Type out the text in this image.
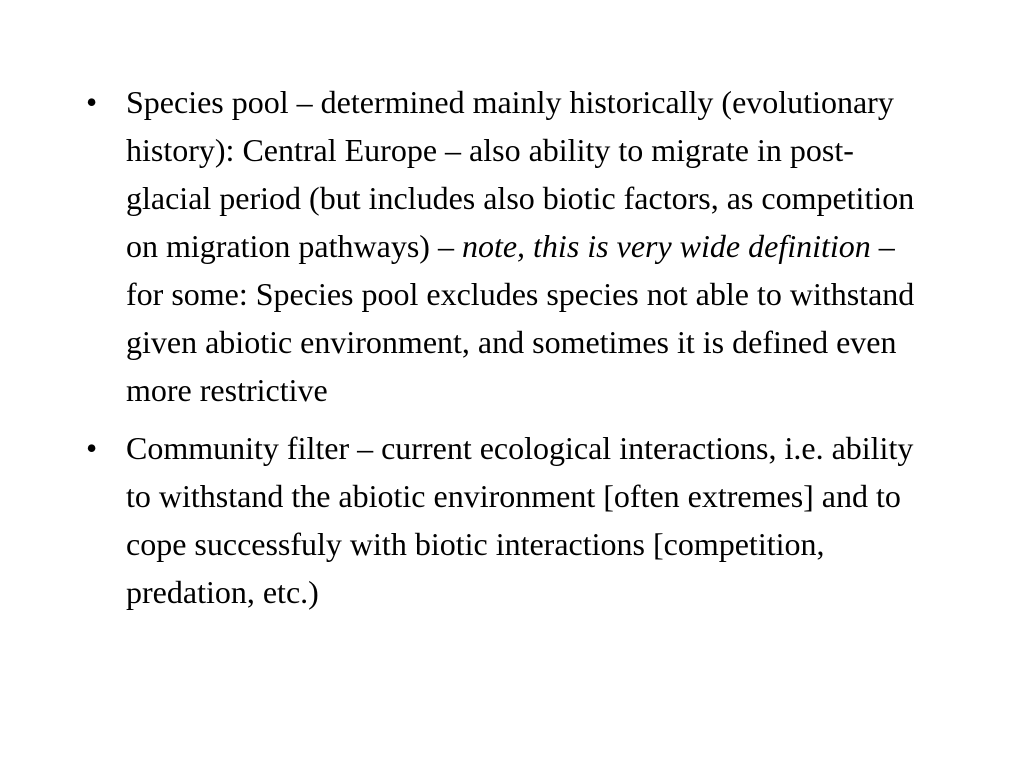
• Species pool – determined mainly historically (evolutionary history): Central Europe – also ability to migrate in post-glacial period (but includes also biotic factors, as competition on migration pathways) – note, this is very wide definition – for some: Species pool excludes species not able to withstand given abiotic environment, and sometimes it is defined even more restrictive
• Community filter – current ecological interactions, i.e. ability to withstand the abiotic environment [often extremes] and to cope successfuly with biotic interactions [competition, predation, etc.)
